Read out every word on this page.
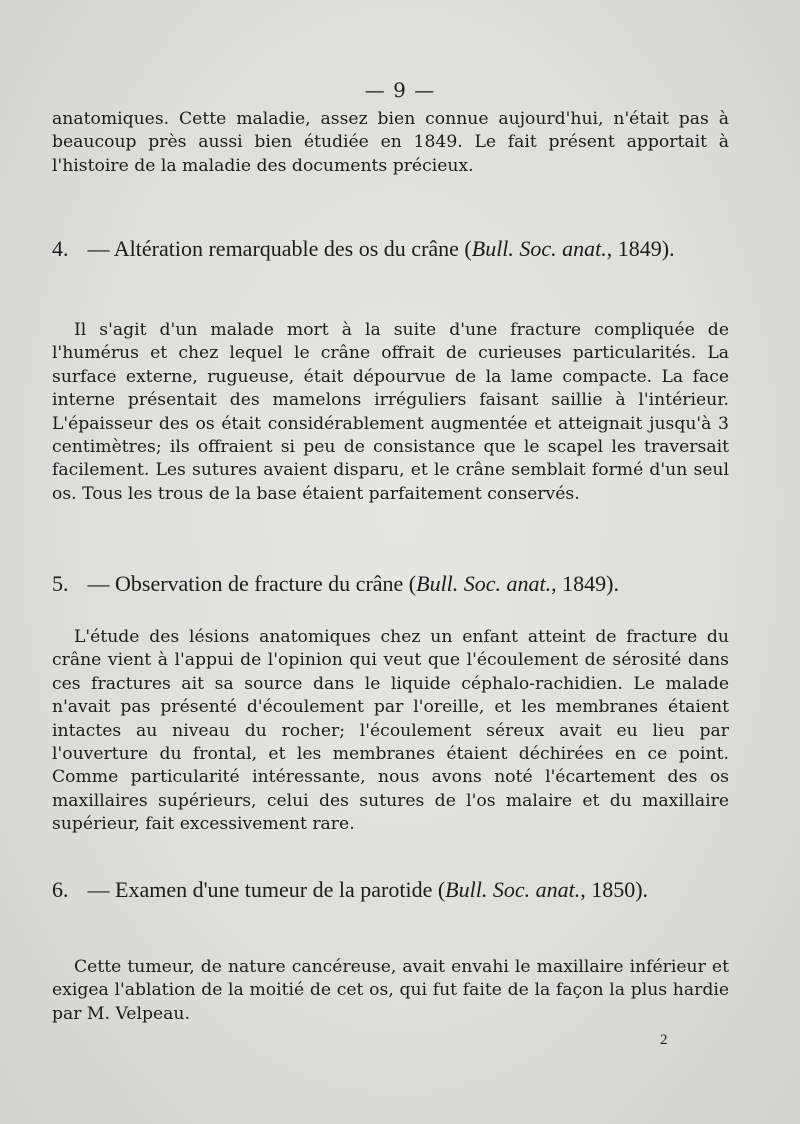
— 9 —

anatomiques. Cette maladie, assez bien connue aujourd'hui, n'était pas à beaucoup près aussi bien étudiée en 1849. Le fait présent apportait à l'histoire de la maladie des documents précieux.

4. — Altération remarquable des os du crâne (Bull. Soc. anat., 1849).

Il s'agit d'un malade mort à la suite d'une fracture compliquée de l'humérus et chez lequel le crâne offrait de curieuses particularités. La surface externe, rugueuse, était dépourvue de la lame compacte. La face interne présentait des mamelons irréguliers faisant saillie à l'intérieur. L'épaisseur des os était considérablement augmentée et atteignait jusqu'à 3 centimètres; ils offraient si peu de consistance que le scapel les traversait facilement. Les sutures avaient disparu, et le crâne semblait formé d'un seul os. Tous les trous de la base étaient parfaitement conservés.

5. — Observation de fracture du crâne (Bull. Soc. anat., 1849).

L'étude des lésions anatomiques chez un enfant atteint de fracture du crâne vient à l'appui de l'opinion qui veut que l'écoulement de sérosité dans ces fractures ait sa source dans le liquide céphalo-rachidien. Le malade n'avait pas présenté d'écoulement par l'oreille, et les membranes étaient intactes au niveau du rocher; l'écoulement séreux avait eu lieu par l'ouverture du frontal, et les membranes étaient déchirées en ce point. Comme particularité intéressante, nous avons noté l'écartement des os maxillaires supérieurs, celui des sutures de l'os malaire et du maxillaire supérieur, fait excessivement rare.

6. — Examen d'une tumeur de la parotide (Bull. Soc. anat., 1850).

Cette tumeur, de nature cancéreuse, avait envahi le maxillaire inférieur et exigea l'ablation de la moitié de cet os, qui fut faite de la façon la plus hardie par M. Velpeau.

2
